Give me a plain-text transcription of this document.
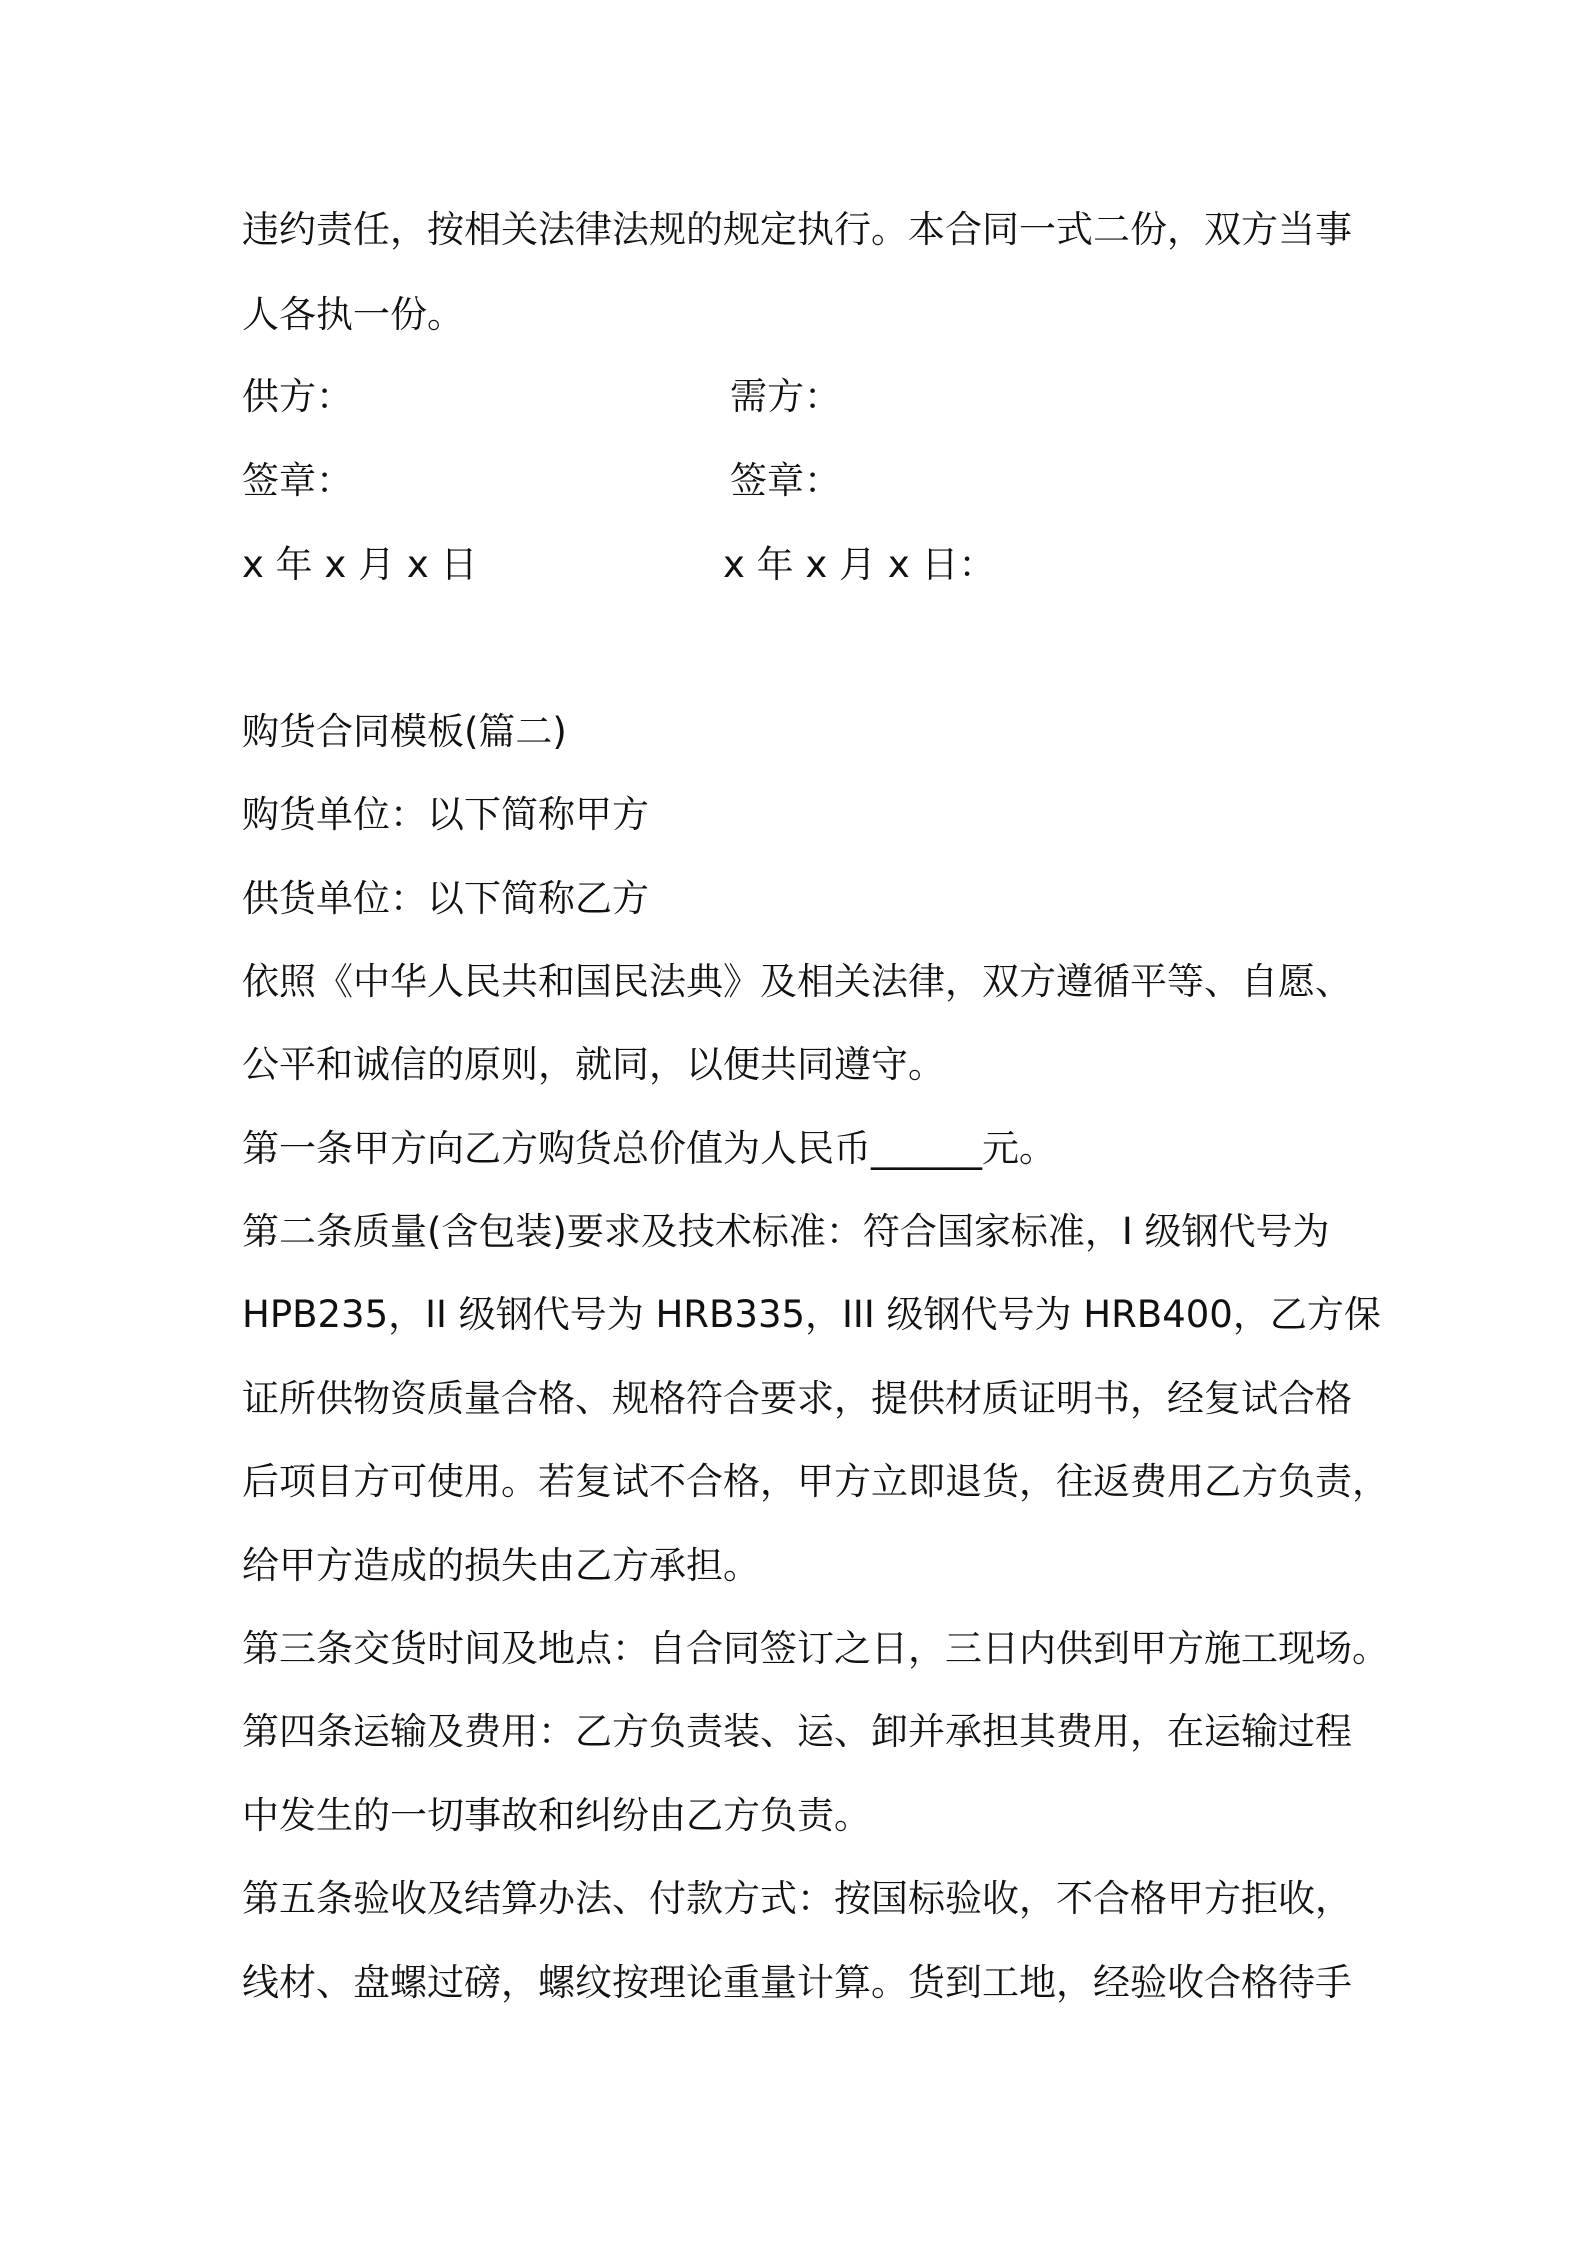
违约责任，按相关法律法规的规定执行。本合同一式二份，双方当事

人各执一份。

供方：	需方：

签章：	签章：

x 年 x 月 x 日	x 年 x 月 x 日：

购货合同模板(篇二)

购货单位：以下简称甲方

供货单位：以下简称乙方

依照《中华人民共和国民法典》及相关法律，双方遵循平等、自愿、

公平和诚信的原则，就同，以便共同遵守。

第一条甲方向乙方购货总价值为人民币______元。

第二条质量(含包装)要求及技术标准：符合国家标准，I 级钢代号为

HPB235，II 级钢代号为 HRB335，III 级钢代号为 HRB400，乙方保

证所供物资质量合格、规格符合要求，提供材质证明书，经复试合格

后项目方可使用。若复试不合格，甲方立即退货，往返费用乙方负责，

给甲方造成的损失由乙方承担。

第三条交货时间及地点：自合同签订之日，三日内供到甲方施工现场。

第四条运输及费用：乙方负责装、运、卸并承担其费用，在运输过程

中发生的一切事故和纠纷由乙方负责。

第五条验收及结算办法、付款方式：按国标验收，不合格甲方拒收，

线材、盘螺过磅，螺纹按理论重量计算。货到工地，经验收合格待手
